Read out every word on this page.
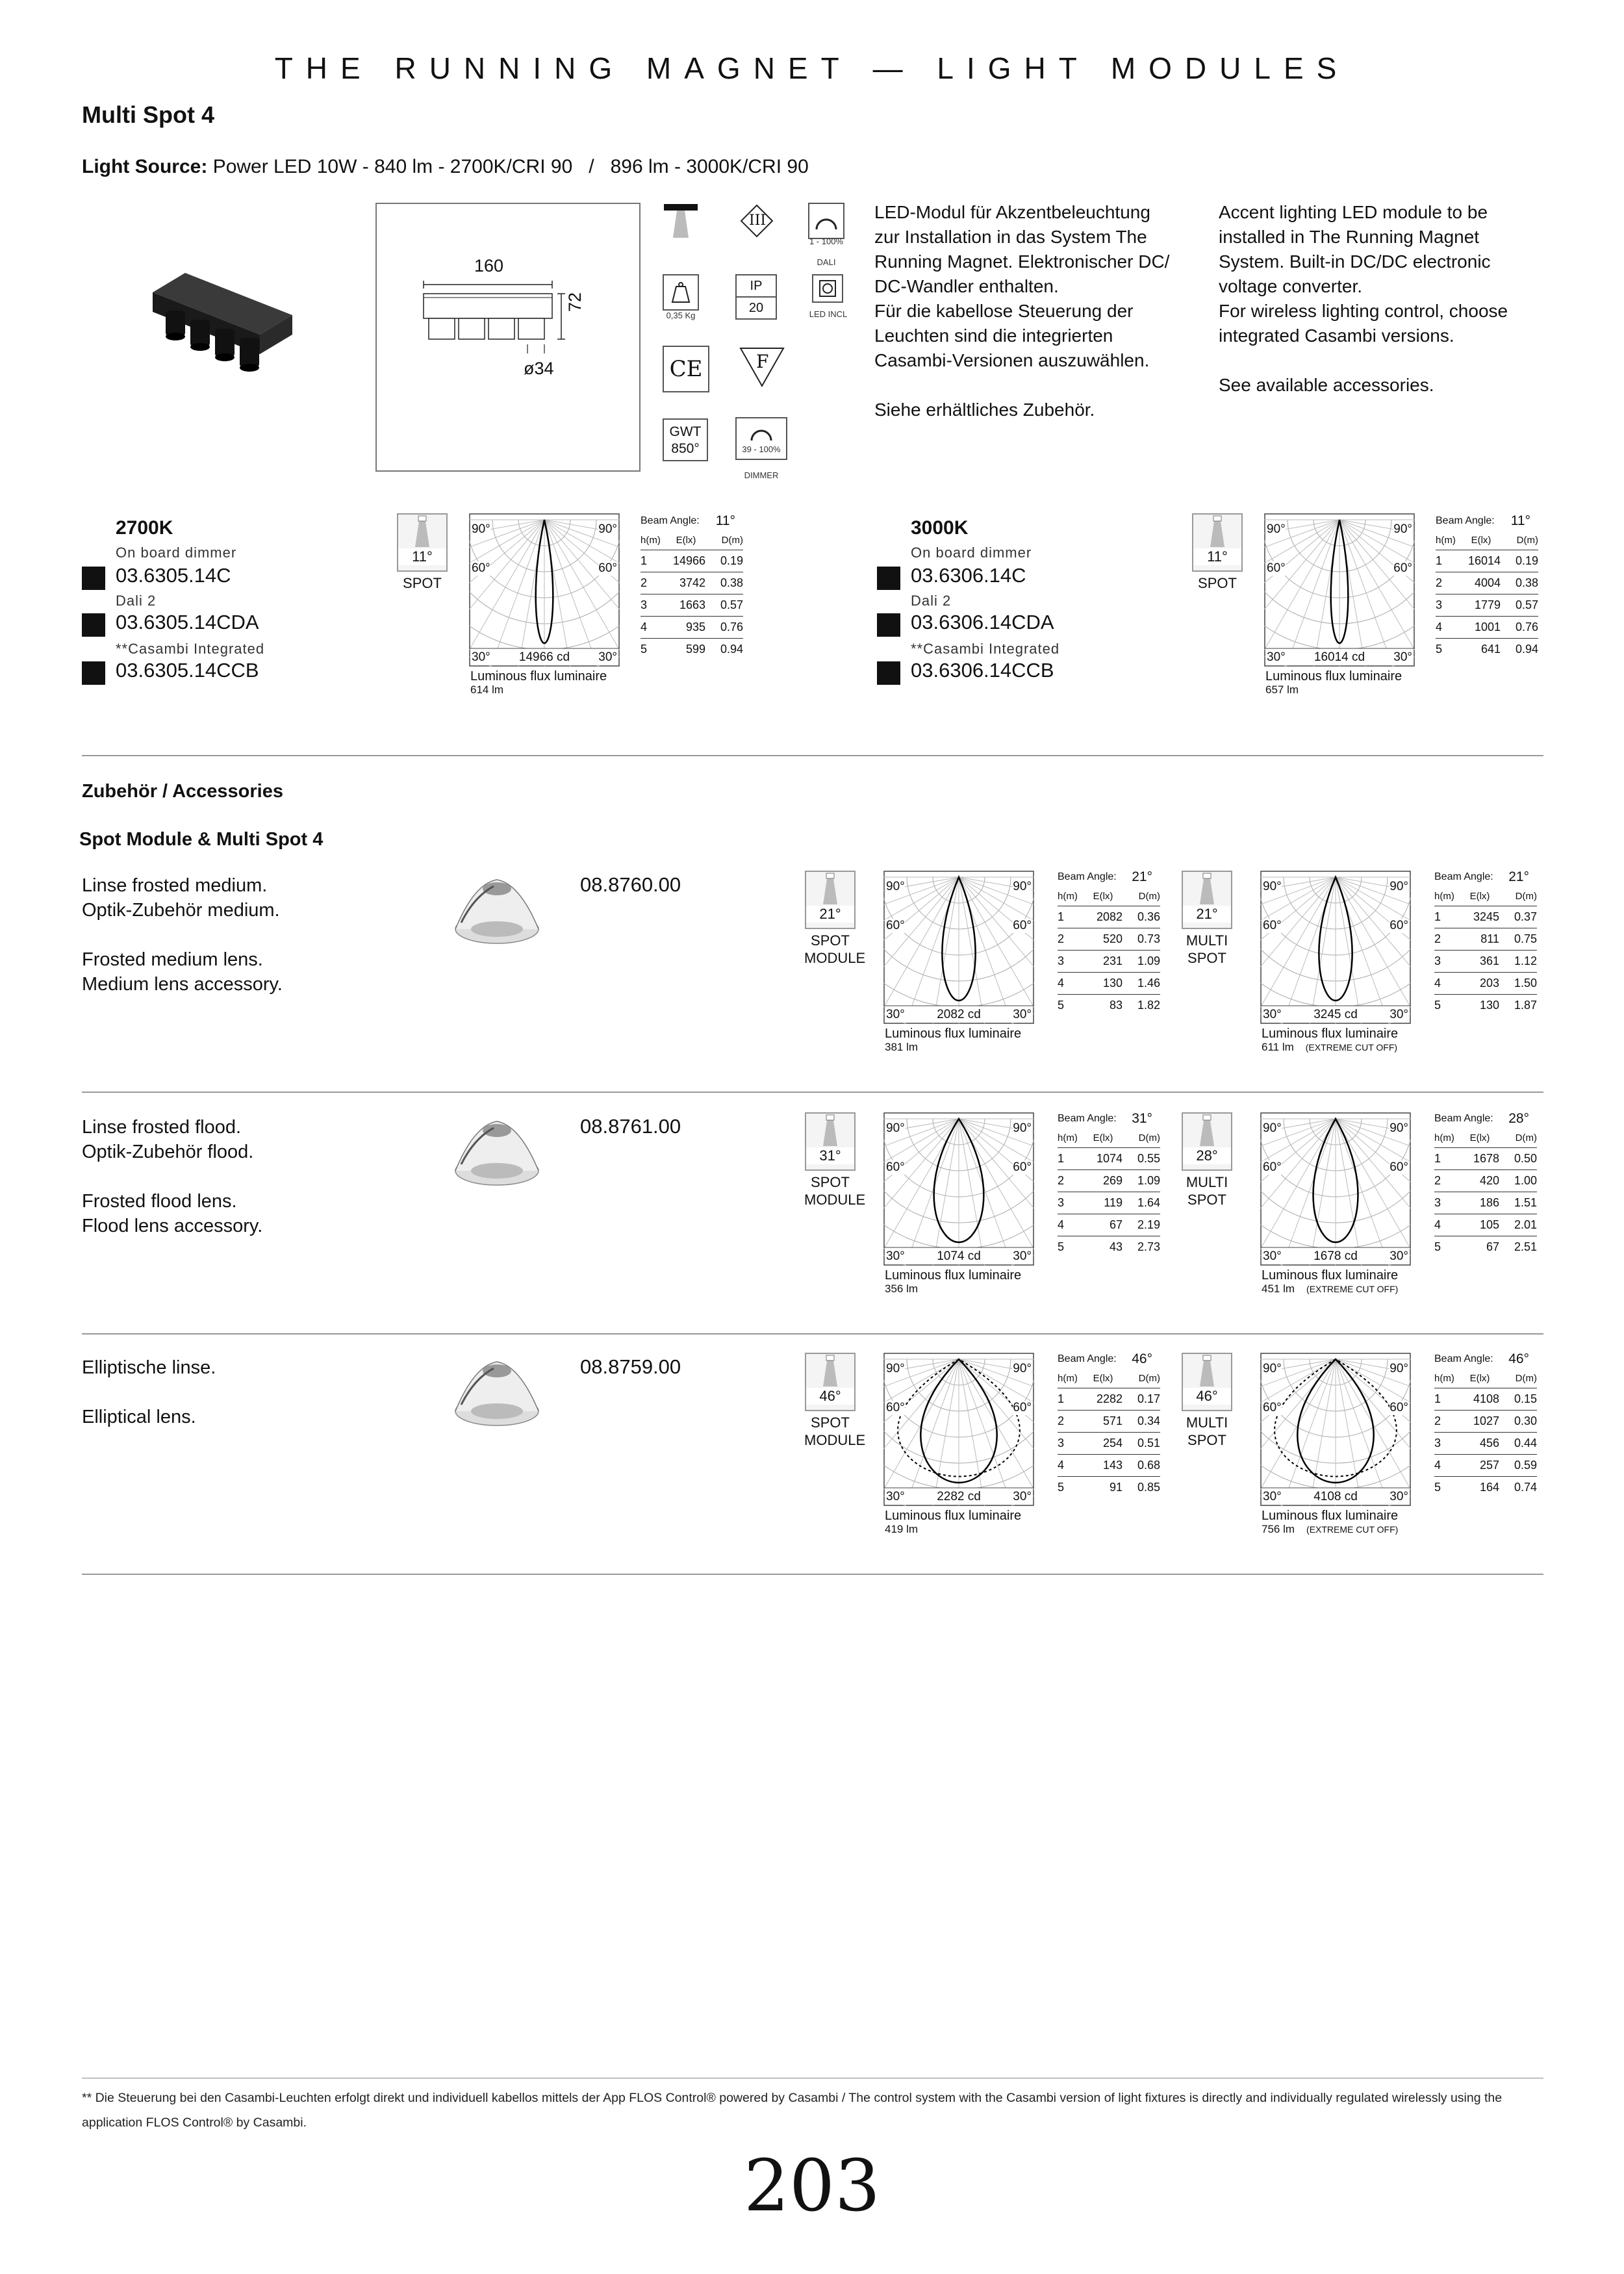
THE RUNNING MAGNET — LIGHT MODULES
Multi Spot 4
Light Source: Power LED 10W - 840 lm - 2700K/CRI 90   /   896 lm - 3000K/CRI 90
160
72
ø34
III
1 - 100%
DALI
0,35 Kg
IP
20	LED INCL
CE	F
GWT
850°	39 - 100%
DIMMER
LED-Modul für Akzentbeleuchtung
zur Installation in das System The
Running Magnet. Elektronischer DC/
DC-Wandler enthalten.
Für die kabellose Steuerung der
Leuchten sind die integrierten
Casambi-Versionen auszuwählen.
Siehe erhältliches Zubehör.
Accent lighting LED module to be
installed in The Running Magnet
System. Built-in DC/DC electronic
voltage converter.
For wireless lighting control, choose
integrated Casambi versions.
See available accessories.
2700K
On board dimmer
03.6305.14C
Dali 2
03.6305.14CDA
**Casambi Integrated
03.6305.14CCB
11°
SPOT
90°	90°
60°	60°
30°	30°
14966 cd
Luminous flux luminaire
614 lm
Beam Angle: 11°
h(m)	E(lx)	D(m)
1	14966	0.19
2	3742	0.38
3	1663	0.57
4	935	0.76
5	599	0.94
3000K
On board dimmer
03.6306.14C
Dali 2
03.6306.14CDA
**Casambi Integrated
03.6306.14CCB
11°
SPOT
90°	90°
60°	60°
30°	30°
16014 cd
Luminous flux luminaire
657 lm
Beam Angle: 11°
h(m)	E(lx)	D(m)
1	16014	0.19
2	4004	0.38
3	1779	0.57
4	1001	0.76
5	641	0.94
Zubehör / Accessories
Spot Module & Multi Spot 4
Linse frosted medium.
Optik-Zubehör medium.
Frosted medium lens.
Medium lens accessory.
08.8760.00
21°
SPOT
MODULE
90°	90°
60°	60°
30°	30°
2082 cd
Luminous flux luminaire
381 lm
Beam Angle: 21°
h(m)	E(lx)	D(m)
1	2082	0.36
2	520	0.73
3	231	1.09
4	130	1.46
5	83	1.82
21°
MULTI
SPOT
90°	90°
60°	60°
30°	30°
3245 cd
Luminous flux luminaire
611 lm (EXTREME CUT OFF)
Beam Angle: 21°
h(m)	E(lx)	D(m)
1	3245	0.37
2	811	0.75
3	361	1.12
4	203	1.50
5	130	1.87
Linse frosted flood.
Optik-Zubehör flood.
Frosted flood lens.
Flood lens accessory.
08.8761.00
31°
SPOT
MODULE
90°	90°
60°	60°
30°	30°
1074 cd
Luminous flux luminaire
356 lm
Beam Angle: 31°
h(m)	E(lx)	D(m)
1	1074	0.55
2	269	1.09
3	119	1.64
4	67	2.19
5	43	2.73
28°
MULTI
SPOT
90°	90°
60°	60°
30°	30°
1678 cd
Luminous flux luminaire
451 lm (EXTREME CUT OFF)
Beam Angle: 28°
h(m)	E(lx)	D(m)
1	1678	0.50
2	420	1.00
3	186	1.51
4	105	2.01
5	67	2.51
Elliptische linse.
Elliptical lens.
08.8759.00
46°
SPOT
MODULE
90°	90°
60°	60°
30°	30°
2282 cd
Luminous flux luminaire
419 lm
Beam Angle: 46°
h(m)	E(lx)	D(m)
1	2282	0.17
2	571	0.34
3	254	0.51
4	143	0.68
5	91	0.85
46°
MULTI
SPOT
90°	90°
60°	60°
30°	30°
4108 cd
Luminous flux luminaire
756 lm (EXTREME CUT OFF)
Beam Angle: 46°
h(m)	E(lx)	D(m)
1	4108	0.15
2	1027	0.30
3	456	0.44
4	257	0.59
5	164	0.74
** Die Steuerung bei den Casambi-Leuchten erfolgt direkt und individuell kabellos mittels der App FLOS Control® powered by Casambi / The control system with the Casambi version of light fixtures is directly and individually regulated wirelessly using the application FLOS Control® by Casambi.
203
